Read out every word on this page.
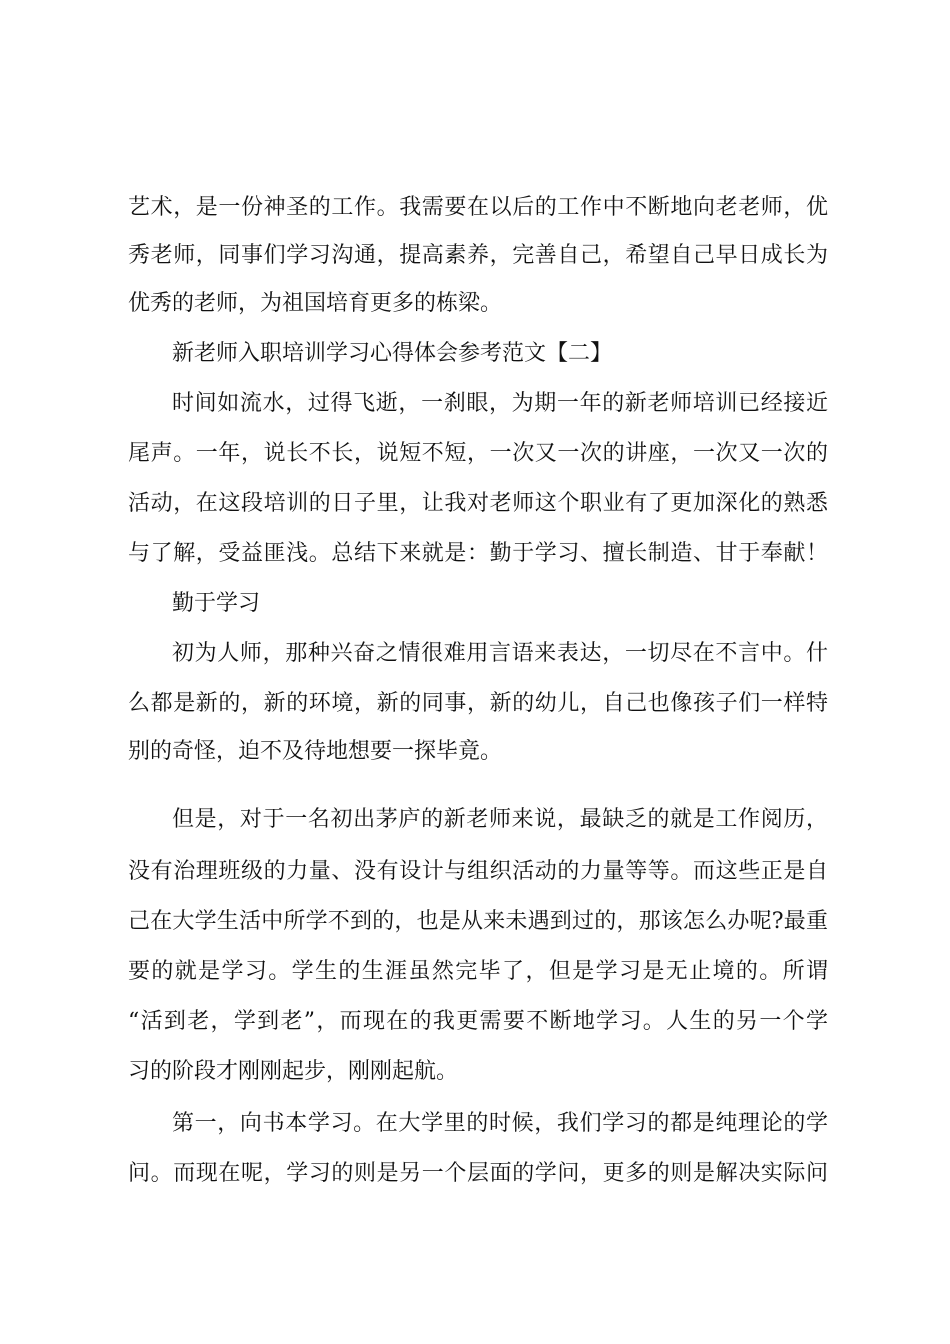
艺术，是一份神圣的工作。我需要在以后的工作中不断地向老老师，优
秀老师，同事们学习沟通，提高素养，完善自己，希望自己早日成长为
优秀的老师，为祖国培育更多的栋梁。
新老师入职培训学习心得体会参考范文【二】
时间如流水，过得飞逝，一刹眼，为期一年的新老师培训已经接近
尾声。一年，说长不长，说短不短，一次又一次的讲座，一次又一次的
活动，在这段培训的日子里，让我对老师这个职业有了更加深化的熟悉
与了解，受益匪浅。总结下来就是：勤于学习、擅长制造、甘于奉献！
勤于学习
初为人师，那种兴奋之情很难用言语来表达，一切尽在不言中。什
么都是新的，新的环境，新的同事，新的幼儿，自己也像孩子们一样特
别的奇怪，迫不及待地想要一探毕竟。
但是，对于一名初出茅庐的新老师来说，最缺乏的就是工作阅历，
没有治理班级的力量、没有设计与组织活动的力量等等。而这些正是自
己在大学生活中所学不到的，也是从来未遇到过的，那该怎么办呢?最重
要的就是学习。学生的生涯虽然完毕了，但是学习是无止境的。所谓
“活到老，学到老”，而现在的我更需要不断地学习。人生的另一个学
习的阶段才刚刚起步，刚刚起航。
第一，向书本学习。在大学里的时候，我们学习的都是纯理论的学
问。而现在呢，学习的则是另一个层面的学问，更多的则是解决实际问
